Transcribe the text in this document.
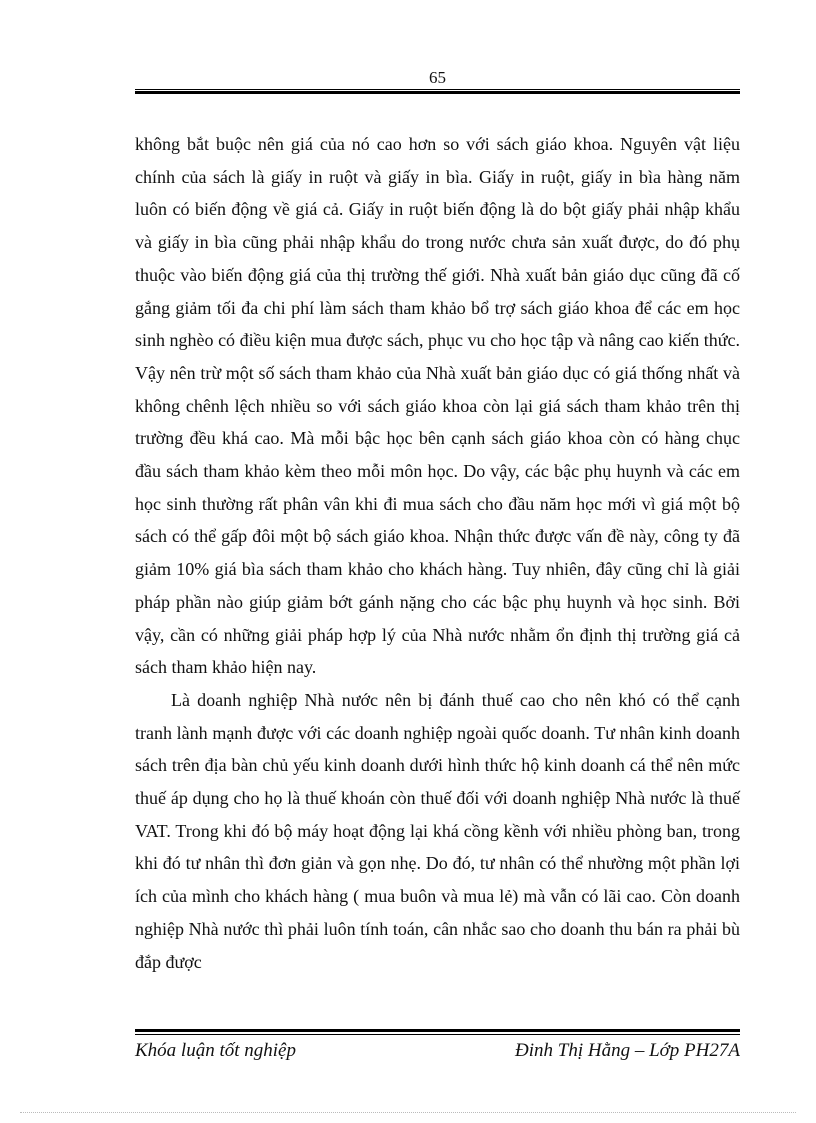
65

không bắt buộc nên giá của nó cao hơn so với sách giáo khoa. Nguyên vật liệu chính của sách là giấy in ruột và giấy in bìa. Giấy in ruột, giấy in bìa hàng năm luôn có biến động về giá cả. Giấy in ruột biến động là do bột giấy phải nhập khẩu và giấy in bìa cũng phải nhập khẩu do trong nước chưa sản xuất được, do đó phụ thuộc vào biến động giá của thị trường thế giới. Nhà xuất bản giáo dục cũng đã cố gắng giảm tối đa chi phí làm sách tham khảo bổ trợ sách giáo khoa để các em học sinh nghèo có điều kiện mua được sách, phục vu cho học tập và nâng cao kiến thức. Vậy nên trừ một số sách tham khảo của Nhà xuất bản giáo dục có giá thống nhất và không chênh lệch nhiều so với sách giáo khoa còn lại giá sách tham khảo trên thị trường đều khá cao. Mà mỗi bậc học bên cạnh sách giáo khoa còn có hàng chục đầu sách tham khảo kèm theo mỗi môn học. Do vậy, các bậc phụ huynh và các em học sinh thường rất phân vân khi đi mua sách cho đầu năm học mới vì giá một bộ sách có thể gấp đôi một bộ sách giáo khoa. Nhận thức được vấn đề này, công ty đã giảm 10% giá bìa sách tham khảo cho khách hàng. Tuy nhiên, đây cũng chỉ là giải pháp phần nào giúp giảm bớt gánh nặng cho các bậc phụ huynh và học sinh. Bởi vậy, cần có những giải pháp hợp lý của Nhà nước nhằm ổn định thị trường giá cả sách tham khảo hiện nay.

Là doanh nghiệp Nhà nước nên bị đánh thuế cao cho nên khó có thể cạnh tranh lành mạnh được với các doanh nghiệp ngoài quốc doanh. Tư nhân kinh doanh sách trên địa bàn chủ yếu kinh doanh dưới hình thức hộ kinh doanh cá thể nên mức thuế áp dụng cho họ là thuế khoán còn thuế đối với doanh nghiệp Nhà nước là thuế VAT. Trong khi đó bộ máy hoạt động lại khá cồng kềnh với nhiều phòng ban, trong khi đó tư nhân thì đơn giản và gọn nhẹ. Do đó, tư nhân có thể nhường một phần lợi ích của mình cho khách hàng ( mua buôn và mua lẻ) mà vẫn có lãi cao. Còn doanh nghiệp Nhà nước thì phải luôn tính toán, cân nhắc sao cho doanh thu bán ra phải bù đắp được

Khóa luận tốt nghiệp	Đinh Thị Hằng – Lớp PH27A
